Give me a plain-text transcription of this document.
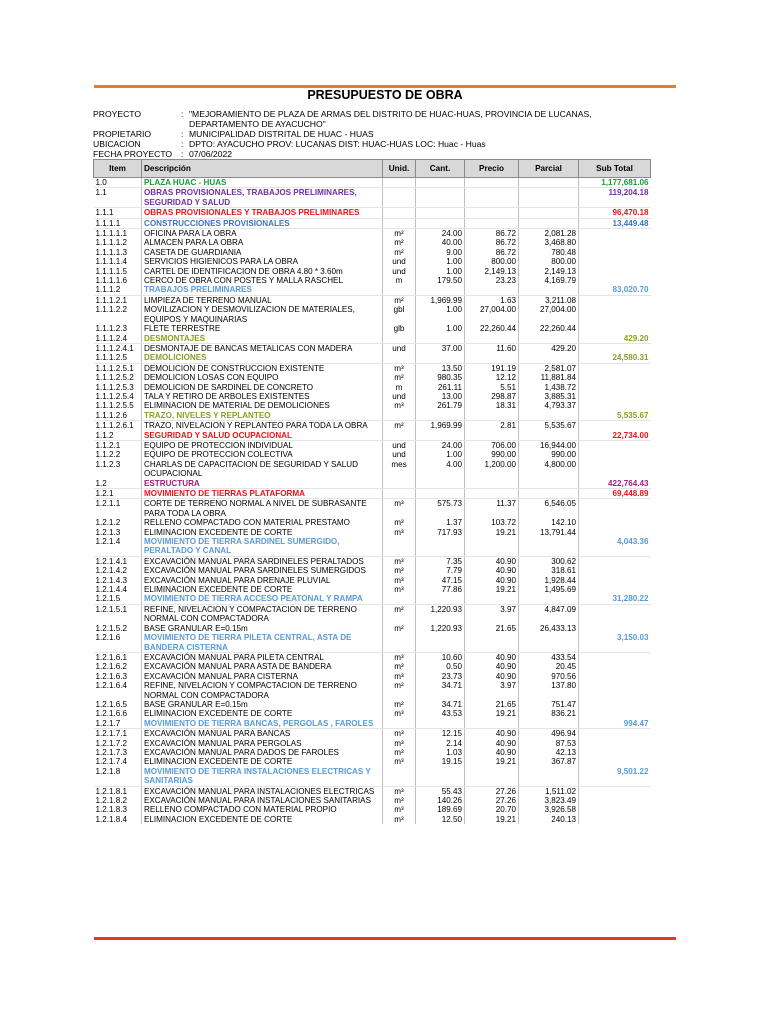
PRESUPUESTO DE OBRA
PROYECTO	: "MEJORAMIENTO DE PLAZA DE ARMAS DEL DISTRITO DE HUAC-HUAS, PROVINCIA DE LUCANAS,
DEPARTAMENTO DE AYACUCHO"
PROPIETARIO	: MUNICIPALIDAD DISTRITAL DE HUAC - HUAS
UBICACION	: DPTO: AYACUCHO PROV: LUCANAS DIST: HUAC-HUAS LOC: Huac - Huas
FECHA PROYECTO	: 07/06/2022
Item	Descripción	Unid.	Cant.	Precio	Parcial	Sub Total
1.0	PLAZA HUAC - HUAS					1,177,681.06
1.1	OBRAS PROVISIONALES, TRABAJOS PRELIMINARES, SEGURIDAD Y SALUD					119,204.18
1.1.1	OBRAS PROVISIONALES Y TRABAJOS PRELIMINARES					96,470.18
1.1.1.1	CONSTRUCCIONES PROVISIONALES					13,449.48
1.1.1.1.1	OFICINA PARA LA OBRA	m²	24.00	86.72	2,081.28	
1.1.1.1.2	ALMACEN PARA LA OBRA	m²	40.00	86.72	3,468.80	
1.1.1.1.3	CASETA DE GUARDIANIA	m²	9.00	86.72	780.48	
1.1.1.1.4	SERVICIOS HIGIENICOS PARA LA OBRA	und	1.00	800.00	800.00	
1.1.1.1.5	CARTEL DE IDENTIFICACION DE OBRA 4.80 * 3.60m	und	1.00	2,149.13	2,149.13	
1.1.1.1.6	CERCO DE OBRA CON POSTES Y MALLA RASCHEL	m	179.50	23.23	4,169.79	
1.1.1.2	TRABAJOS PRELIMINARES					83,020.70
1.1.1.2.1	LIMPIEZA DE TERRENO MANUAL	m²	1,969.99	1.63	3,211.08	
1.1.1.2.2	MOVILIZACION Y DESMOVILIZACION DE MATERIALES, EQUIPOS Y MAQUINARIAS	gbl	1.00	27,004.00	27,004.00	
1.1.1.2.3	FLETE TERRESTRE	glb	1.00	22,260.44	22,260.44	
1.1.1.2.4	DESMONTAJES					429.20
1.1.1.2.4.1	DESMONTAJE DE BANCAS METALICAS CON MADERA	und	37.00	11.60	429.20	
1.1.1.2.5	DEMOLICIONES					24,580.31
1.1.1.2.5.1	DEMOLICION DE CONSTRUCCION EXISTENTE	m³	13.50	191.19	2,581.07	
1.1.1.2.5.2	DEMOLICION LOSAS CON EQUIPO	m²	980.35	12.12	11,881.84	
1.1.1.2.5.3	DEMOLICION DE SARDINEL DE CONCRETO	m	261.11	5.51	1,438.72	
1.1.1.2.5.4	TALA Y RETIRO DE ARBOLES EXISTENTES	und	13.00	298.87	3,885.31	
1.1.1.2.5.5	ELIMINACION DE MATERIAL DE DEMOLICIONES	m³	261.79	18.31	4,793.37	
1.1.1.2.6	TRAZO, NIVELES Y REPLANTEO					5,535.67
1.1.1.2.6.1	TRAZO, NIVELACION Y REPLANTEO PARA TODA LA OBRA	m²	1,969.99	2.81	5,535.67	
1.1.2	SEGURIDAD Y SALUD OCUPACIONAL					22,734.00
1.1.2.1	EQUIPO DE PROTECCION INDIVIDUAL	und	24.00	706.00	16,944.00	
1.1.2.2	EQUIPO DE PROTECCION COLECTIVA	und	1.00	990.00	990.00	
1.1.2.3	CHARLAS DE CAPACITACION DE SEGURIDAD Y SALUD OCUPACIONAL	mes	4.00	1,200.00	4,800.00	
1.2	ESTRUCTURA					422,764.43
1.2.1	MOVIMIENTO DE TIERRAS PLATAFORMA					69,448.89
1.2.1.1	CORTE DE TERRENO NORMAL A NIVEL DE SUBRASANTE PARA TODA LA OBRA	m³	575.73	11.37	6,546.05	
1.2.1.2	RELLENO COMPACTADO CON MATERIAL PRESTAMO	m³	1.37	103.72	142.10	
1.2.1.3	ELIMINACION EXCEDENTE DE CORTE	m³	717.93	19.21	13,791.44	
1.2.1.4	MOVIMIENTO DE TIERRA SARDINEL SUMERGIDO, PERALTADO Y CANAL					4,043.36
1.2.1.4.1	EXCAVACIÓN MANUAL PARA SARDINELES PERALTADOS	m³	7.35	40.90	300.62	
1.2.1.4.2	EXCAVACIÓN MANUAL PARA SARDINELES SUMERGIDOS	m³	7.79	40.90	318.61	
1.2.1.4.3	EXCAVACIÓN MANUAL PARA DRENAJE PLUVIAL	m³	47.15	40.90	1,928.44	
1.2.1.4.4	ELIMINACION EXCEDENTE DE CORTE	m³	77.86	19.21	1,495.69	
1.2.1.5	MOVIMIENTO DE TIERRA ACCESO PEATONAL Y RAMPA					31,280.22
1.2.1.5.1	REFINE, NIVELACION Y COMPACTACION DE TERRENO NORMAL CON COMPACTADORA	m²	1,220.93	3.97	4,847.09	
1.2.1.5.2	BASE GRANULAR E=0.15m	m²	1,220.93	21.65	26,433.13	
1.2.1.6	MOVIMIENTO DE TIERRA PILETA CENTRAL, ASTA DE BANDERA CISTERNA					3,150.03
1.2.1.6.1	EXCAVACIÓN MANUAL PARA PILETA CENTRAL	m³	10.60	40.90	433.54	
1.2.1.6.2	EXCAVACIÓN MANUAL PARA ASTA DE BANDERA	m³	0.50	40.90	20.45	
1.2.1.6.3	EXCAVACIÓN MANUAL PARA CISTERNA	m³	23.73	40.90	970.56	
1.2.1.6.4	REFINE, NIVELACION Y COMPACTACION DE TERRENO NORMAL CON COMPACTADORA	m²	34.71	3.97	137.80	
1.2.1.6.5	BASE GRANULAR E=0.15m	m²	34.71	21.65	751.47	
1.2.1.6.6	ELIMINACION EXCEDENTE DE CORTE	m³	43.53	19.21	836.21	
1.2.1.7	MOVIMIENTO DE TIERRA BANCAS, PERGOLAS , FAROLES					994.47
1.2.1.7.1	EXCAVACIÓN MANUAL PARA BANCAS	m³	12.15	40.90	496.94	
1.2.1.7.2	EXCAVACIÓN MANUAL PARA PERGOLAS	m³	2.14	40.90	87.53	
1.2.1.7.3	EXCAVACIÓN MANUAL PARA DADOS DE FAROLES	m³	1.03	40.90	42.13	
1.2.1.7.4	ELIMINACION EXCEDENTE DE CORTE	m³	19.15	19.21	367.87	
1.2.1.8	MOVIMIENTO DE TIERRA INSTALACIONES ELECTRICAS Y SANITARIAS					9,501.22
1.2.1.8.1	EXCAVACIÓN MANUAL PARA INSTALACIONES ELECTRICAS	m³	55.43	27.26	1,511.02	
1.2.1.8.2	EXCAVACIÓN MANUAL PARA INSTALACIONES SANITARIAS	m³	140.26	27.26	3,823.49	
1.2.1.8.3	RELLENO COMPACTADO CON MATERIAL PROPIO	m³	189.69	20.70	3,926.58	
1.2.1.8.4	ELIMINACION EXCEDENTE DE CORTE	m³	12.50	19.21	240.13	
